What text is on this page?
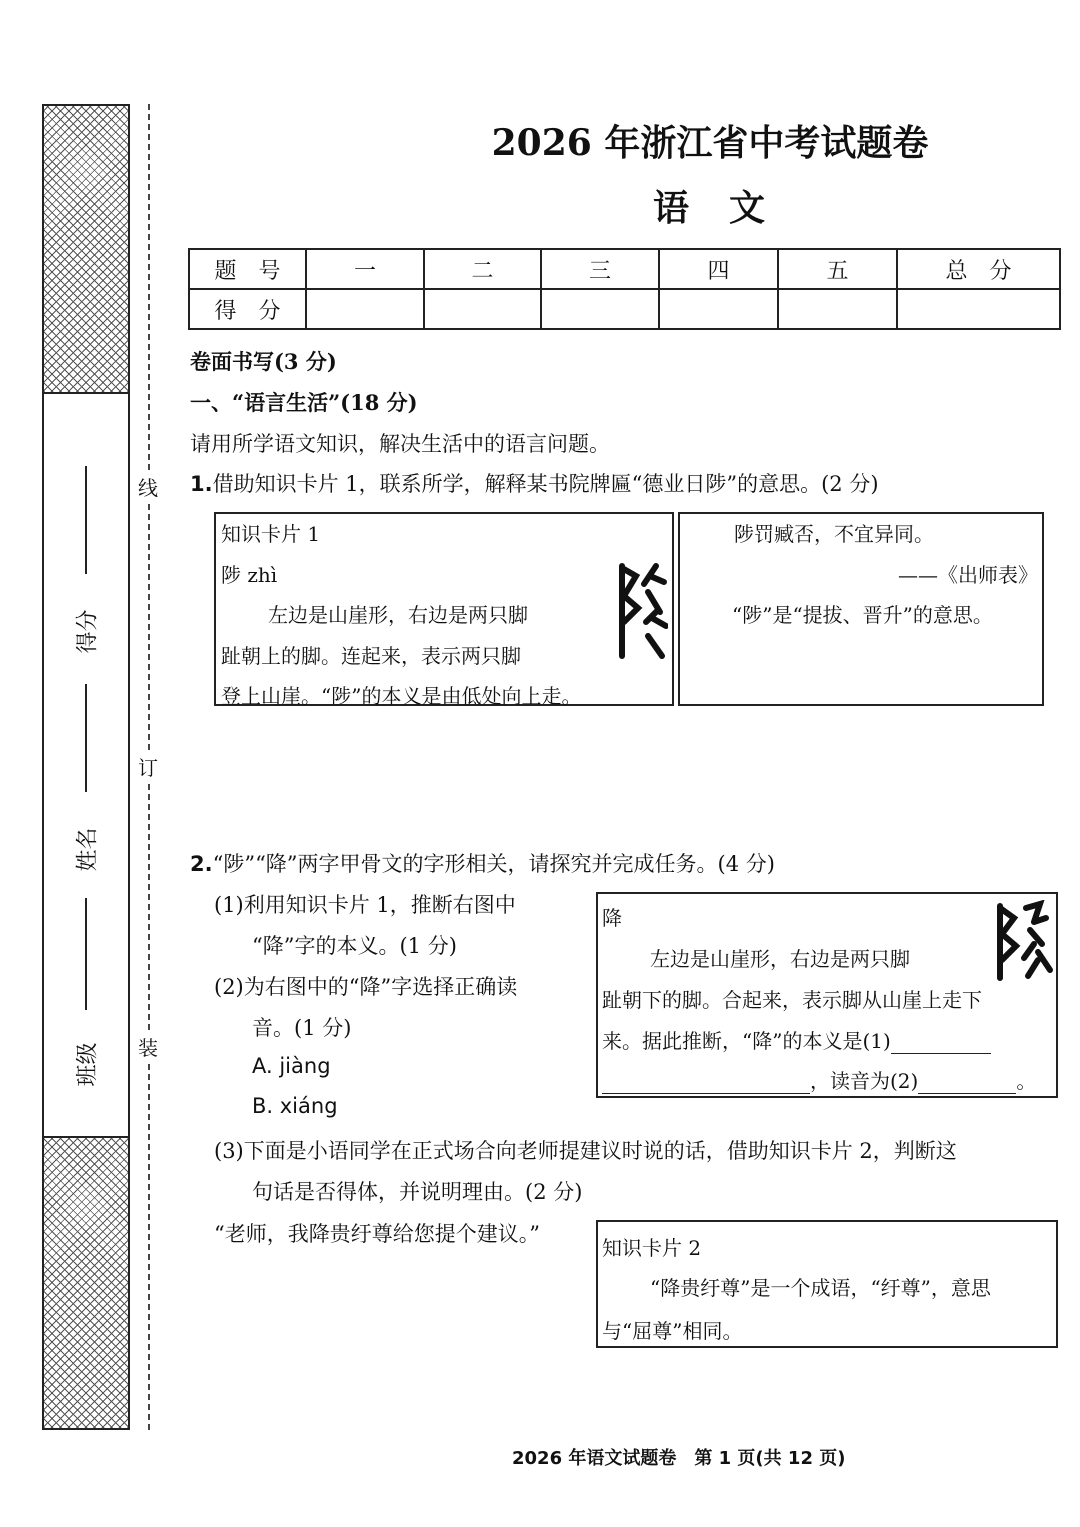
得分
姓名
班级
线
订
装
2026 年浙江省中考试题卷
语　文
题　号	一	二	三	四	五	总　分
得　分						
卷面书写(3 分)
一、“语言生活”(18 分)
请用所学语文知识，解决生活中的语言问题。
1.借助知识卡片 1，联系所学，解释某书院牌匾“德业日陟”的意思。(2 分)
知识卡片 1
陟 zhì
左边是山崖形，右边是两只脚
趾朝上的脚。连起来，表示两只脚
登上山崖。“陟”的本义是由低处向上走。
陟罚臧否，不宜异同。
——《出师表》
“陟”是“提拔、晋升”的意思。
2.“陟”“降”两字甲骨文的字形相关，请探究并完成任务。(4 分)
(1)利用知识卡片 1，推断右图中
“降”字的本义。(1 分)
(2)为右图中的“降”字选择正确读
音。(1 分)
A. jiàng
B. xiáng
降
左边是山崖形，右边是两只脚
趾朝下的脚。合起来，表示脚从山崖上走下
来。据此推断，“降”的本义是(1)
，读音为(2)	。
(3)下面是小语同学在正式场合向老师提建议时说的话，借助知识卡片 2，判断这
句话是否得体，并说明理由。(2 分)
“老师，我降贵纡尊给您提个建议。”
知识卡片 2
“降贵纡尊”是一个成语，“纡尊”，意思
与“屈尊”相同。
2026 年语文试题卷　第 1 页(共 12 页)
